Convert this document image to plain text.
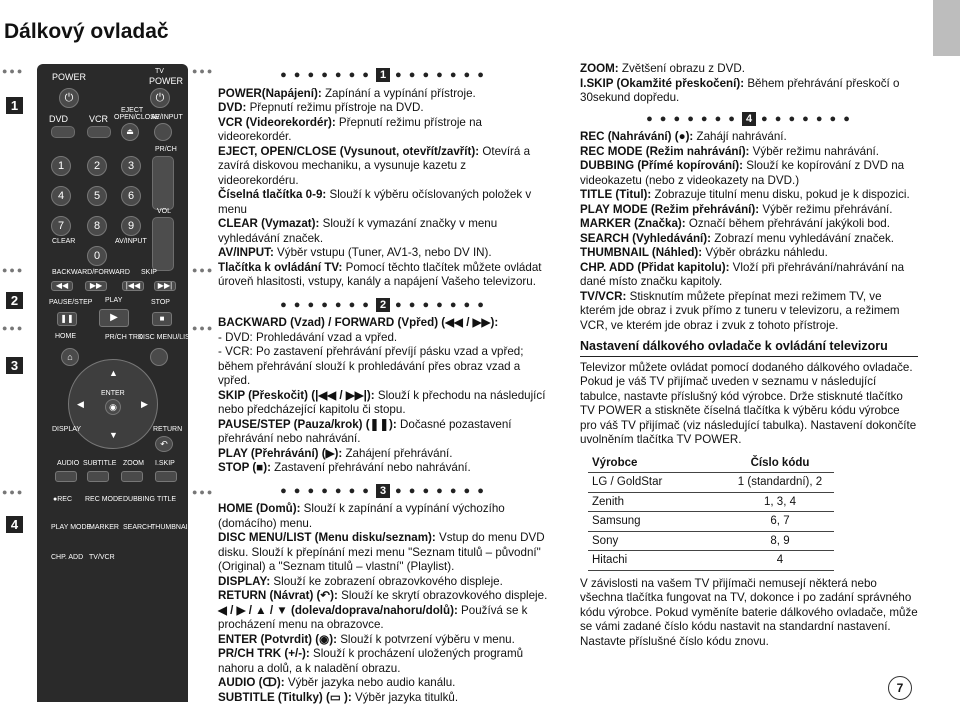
Dálkový ovladač
●●●
1
●●●
2
●●●
3
●●●
4
●●●
●●●
●●●
●●●
POWER
TV
POWER
⏻	⏻
EJECT
DVD VCR OPEN/CLOSE
AV/INPUT
⏏
PR/CH
1	2	3
4	5	6
VOL
7	8	9
CLEAR	AV/INPUT
0
BACKWARD/FORWARD SKIP
◀◀	▶▶	|◀◀	▶▶|
PAUSE/STEP PLAY	STOP
❚❚	▶	■
HOME	PR/CH TRK
DISC MENU/LIST
⌂
▲
▼
◀	▶
ENTER
◉
DISPLAY	RETURN
↶
AUDIO SUBTITLE ZOOM I.SKIP
●REC REC MODE DUBBING TITLE
PLAY MODE
MARKER SEARCH
THUMBNAIL
CHP. ADD TV/VCR
● ● ● ● ● ● ● 1 ● ● ● ● ● ● ●

POWER(Napájení): Zapínání a vypínání přístroje.

DVD: Přepnutí režimu přístroje na DVD.

VCR (Videorekordér): Přepnutí režimu přístroje na videorekordér.

EJECT, OPEN/CLOSE (Vysunout, otevřít/zavřít): Otevírá a zavírá diskovou mechaniku, a vysunuje kazetu z videorekordéru.

Číselná tlačítka 0-9: Slouží k výběru očíslovaných položek v menu

CLEAR (Vymazat): Slouží k vymazání značky v menu vyhledávání značek.

AV/INPUT: Výběr vstupu (Tuner, AV1-3, nebo DV IN).

Tlačítka k ovládání TV: Pomocí těchto tlačítek můžete ovládat úroveň hlasitosti, vstupy, kanály a napájení Vašeho televizoru.

● ● ● ● ● ● ● 2 ● ● ● ● ● ● ●

BACKWARD (Vzad) / FORWARD (Vpřed) (◀◀ / ▶▶):

- DVD: Prohledávání vzad a vpřed.

- VCR: Po zastavení přehrávání převíjí pásku vzad a vpřed; během přehrávání slouží k prohledávání přes obraz vzad a vpřed.

SKIP (Přeskočit) (|◀◀ / ▶▶|): Slouží k přechodu na následující nebo předcházející kapitolu či stopu.

PAUSE/STEP (Pauza/krok) (❚❚): Dočasné pozastavení přehrávání nebo nahrávání.

PLAY (Přehrávání) (▶): Zahájení přehrávání.

STOP (■): Zastavení přehrávání nebo nahrávání.

● ● ● ● ● ● ● 3 ● ● ● ● ● ● ●

HOME (Domů): Slouží k zapínání a vypínání výchozího (domácího) menu.

DISC MENU/LIST (Menu disku/seznam): Vstup do menu DVD disku. Slouží k přepínání mezi menu "Seznam titulů – původní"(Original) a "Seznam titulů – vlastní" (Playlist).

DISPLAY: Slouží ke zobrazení obrazovkového displeje.

RETURN (Návrat) (↶): Slouží ke skrytí obrazovkového displeje.

◀ / ▶ / ▲ / ▼ (doleva/doprava/nahoru/dolů): Používá se k procházení menu na obrazovce.

ENTER (Potvrdit) (◉): Slouží k potvrzení výběru v menu.

PR/CH TRK (+/-): Slouží k procházení uložených programů nahoru a dolů, a k naladění obrazu.

AUDIO (ↀ): Výběr jazyka nebo audio kanálu.

SUBTITLE (Titulky) (▭ ): Výběr jazyka titulků.

ZOOM: Zvětšení obrazu z DVD.

I.SKIP (Okamžité přeskočení): Během přehrávání přeskočí o 30sekund dopředu.

● ● ● ● ● ● ● 4 ● ● ● ● ● ● ●

REC (Nahrávání) (●): Zahájí nahrávání.

REC MODE (Režim nahrávání): Výběr režimu nahrávání.

DUBBING (Přímé kopírování): Slouží ke kopírování z DVD na videokazetu (nebo z videokazety na DVD.)

TITLE (Titul): Zobrazuje titulní menu disku, pokud je k dispozici.

PLAY MODE (Režim přehrávání): Výběr režimu přehrávání.

MARKER (Značka): Označí během přehrávání jakýkoli bod.

SEARCH (Vyhledávání): Zobrazí menu vyhledávání značek.

THUMBNAIL (Náhled): Výběr obrázku náhledu.

CHP. ADD (Přidat kapitolu): Vloží při přehrávání/nahrávání na dané místo značku kapitoly.

TV/VCR: Stisknutím můžete přepínat mezi režimem TV, ve kterém jde obraz i zvuk přímo z tuneru v televizoru, a režimem VCR, ve kterém jde obraz i zvuk z tohoto přístroje.

Nastavení dálkového ovladače k ovládání televizoru

Televizor můžete ovládat pomocí dodaného dálkového ovladače. Pokud je váš TV přijímač uveden v seznamu v následující tabulce, nastavte příslušný kód výrobce. Drže stisknuté tlačítko TV POWER a stiskněte číselná tlačítka k výběru kódu výrobce pro váš TV přijímač (viz následující tabulka). Nastavení dokončíte uvolněním tlačítka TV POWER.

Výrobce	Číslo kódu
LG / GoldStar	1 (standardní), 2
Zenith	1, 3, 4
Samsung	6, 7
Sony	8, 9
Hitachi	4

V závislosti na vašem TV přijímači nemusejí některá nebo všechna tlačítka fungovat na TV, dokonce i po zadání správného kódu výrobce. Pokud vyměníte baterie dálkového ovladače, může se vámi zadané číslo kódu nastavit na standardní nastavení. Nastavte příslušné číslo kódu znovu.

7
